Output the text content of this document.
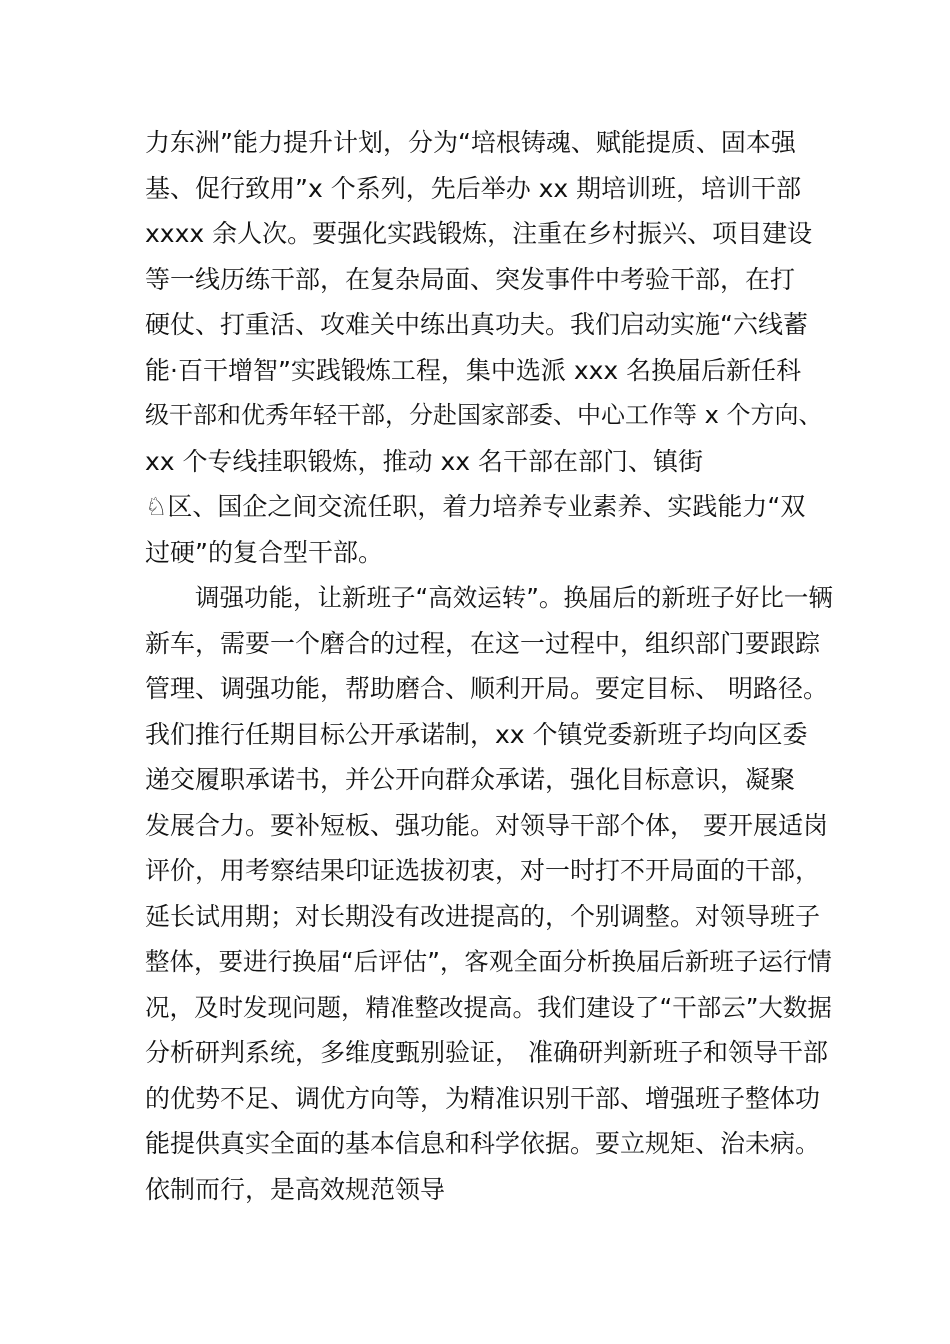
力东洲”能力提升计划，分为“培根铸魂、赋能提质、固本强
基、促行致用”x 个系列，先后举办 xx 期培训班，培训干部
xxxx 余人次。要强化实践锻炼，注重在乡村振兴、项目建设
等一线历练干部，在复杂局面、突发事件中考验干部，在打
硬仗、打重活、攻难关中练出真功夫。我们启动实施“六线蓄
能·百干增智”实践锻炼工程，集中选派 xxx 名换届后新任科
级干部和优秀年轻干部，分赴国家部委、中心工作等 x 个方向、
xx 个专线挂职锻炼，推动 xx 名干部在部门、镇街
♘区、国企之间交流任职，着力培养专业素养、实践能力“双
过硬”的复合型干部。
调强功能，让新班子“高效运转”。换届后的新班子好比一辆
新车，需要一个磨合的过程，在这一过程中，组织部门要跟踪
管理、调强功能，帮助磨合、顺利开局。要定目标、 明路径。
我们推行任期目标公开承诺制，xx 个镇党委新班子均向区委
递交履职承诺书，并公开向群众承诺，强化目标意识，凝聚
发展合力。要补短板、强功能。对领导干部个体， 要开展适岗
评价，用考察结果印证选拔初衷，对一时打不开局面的干部，
延长试用期；对长期没有改进提高的，个别调整。对领导班子
整体，要进行换届“后评估”，客观全面分析换届后新班子运行情
况，及时发现问题，精准整改提高。我们建设了“干部云”大数据
分析研判系统，多维度甄别验证， 准确研判新班子和领导干部
的优势不足、调优方向等，为精准识别干部、增强班子整体功
能提供真实全面的基本信息和科学依据。要立规矩、治未病。
依制而行，是高效规范领导
